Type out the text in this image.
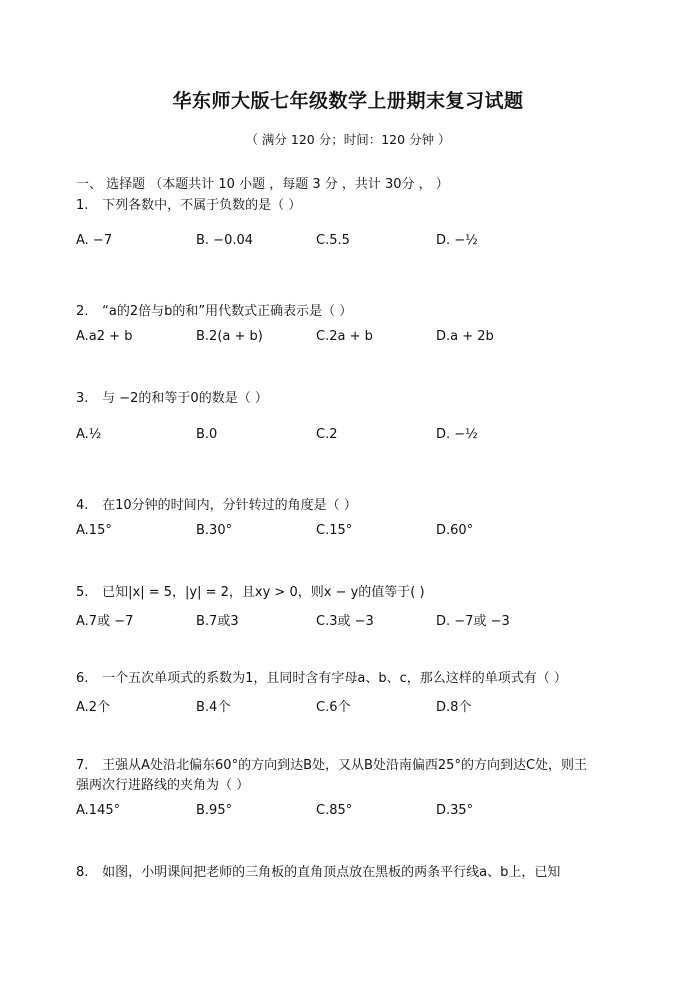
华东师大版七年级数学上册期末复习试题
（ 满分 120 分；时间：120 分钟 ）
一、 选择题 （本题共计 10 小题 ，每题 3 分 ，共计 30分 ， ）
1. 下列各数中，不属于负数的是（ ）
A. −7	B. −0.04	C.5.5	D. −½
2. “a的2倍与b的和”用代数式正确表示是（ ）
A.a2 + b	B.2(a + b)	C.2a + b	D.a + 2b
3. 与 −2的和等于0的数是（ ）
A.½	B.0	C.2	D. −½
4. 在10分钟的时间内，分针转过的角度是（ ）
A.15°	B.30°	C.15°	D.60°
5. 已知|x| = 5，|y| = 2，且xy > 0，则x − y的值等于( )
A.7或 −7	B.7或3	C.3或 −3	D. −7或 −3
6. 一个五次单项式的系数为1，且同时含有字母a、b、c，那么这样的单项式有（ ）
A.2个	B.4个	C.6个	D.8个
7. 王强从A处沿北偏东60°的方向到达B处，又从B处沿南偏西25°的方向到达C处，则王
强两次行进路线的夹角为（ ）
A.145°	B.95°	C.85°	D.35°
8. 如图，小明课间把老师的三角板的直角顶点放在黑板的两条平行线a、b上，已知
